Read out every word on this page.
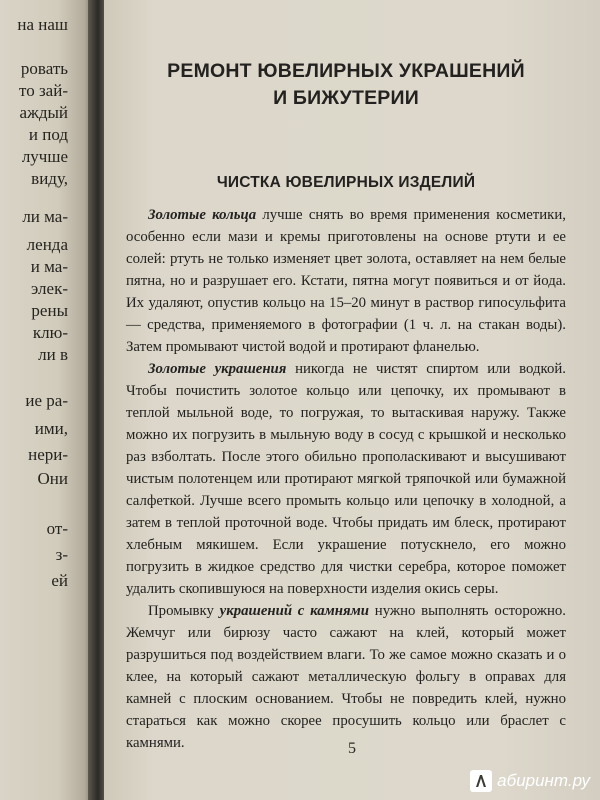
на наш
ровать
то зай-
аждый
и под
лучше
виду,
ли ма-
ленда
и ма-
элек-
рены
клю-
ли в
ие ра-
ими,
нери-
Они
от-
з-
ей
РЕМОНТ ЮВЕЛИРНЫХ УКРАШЕНИЙ
И БИЖУТЕРИИ
ЧИСТКА ЮВЕЛИРНЫХ ИЗДЕЛИЙ

Золотые кольца лучше снять во время применения косметики, особенно если мази и кремы приготовлены на основе ртути и ее солей: ртуть не только изменяет цвет золота, оставляет на нем белые пятна, но и разрушает его. Кстати, пятна могут появиться и от йода. Их удаляют, опустив кольцо на 15–20 минут в раствор гипосульфита — средства, применяемого в фотографии (1 ч. л. на стакан воды). Затем промывают чистой водой и протирают фланелью.

Золотые украшения никогда не чистят спиртом или водкой. Чтобы почистить золотое кольцо или цепочку, их промывают в теплой мыльной воде, то погружая, то вытаскивая наружу. Также можно их погрузить в мыльную воду в сосуд с крышкой и несколько раз взболтать. После этого обильно прополаскивают и высушивают чистым полотенцем или протирают мягкой тряпочкой или бумажной салфеткой. Лучше всего промыть кольцо или цепочку в холодной, а затем в теплой проточной воде. Чтобы придать им блеск, протирают хлебным мякишем. Если украшение потускнело, его можно погрузить в жидкое средство для чистки серебра, которое поможет удалить скопившуюся на поверхности изделия окись серы.

Промывку украшений с камнями нужно выполнять осторожно. Жемчуг или бирюзу часто сажают на клей, который может разрушиться под воздействием влаги. То же самое можно сказать и о клее, на который сажают металлическую фольгу в оправах для камней с плоским основанием. Чтобы не повредить клей, нужно стараться как можно скорее просушить кольцо или браслет с камнями.	5
абиринт.ру
